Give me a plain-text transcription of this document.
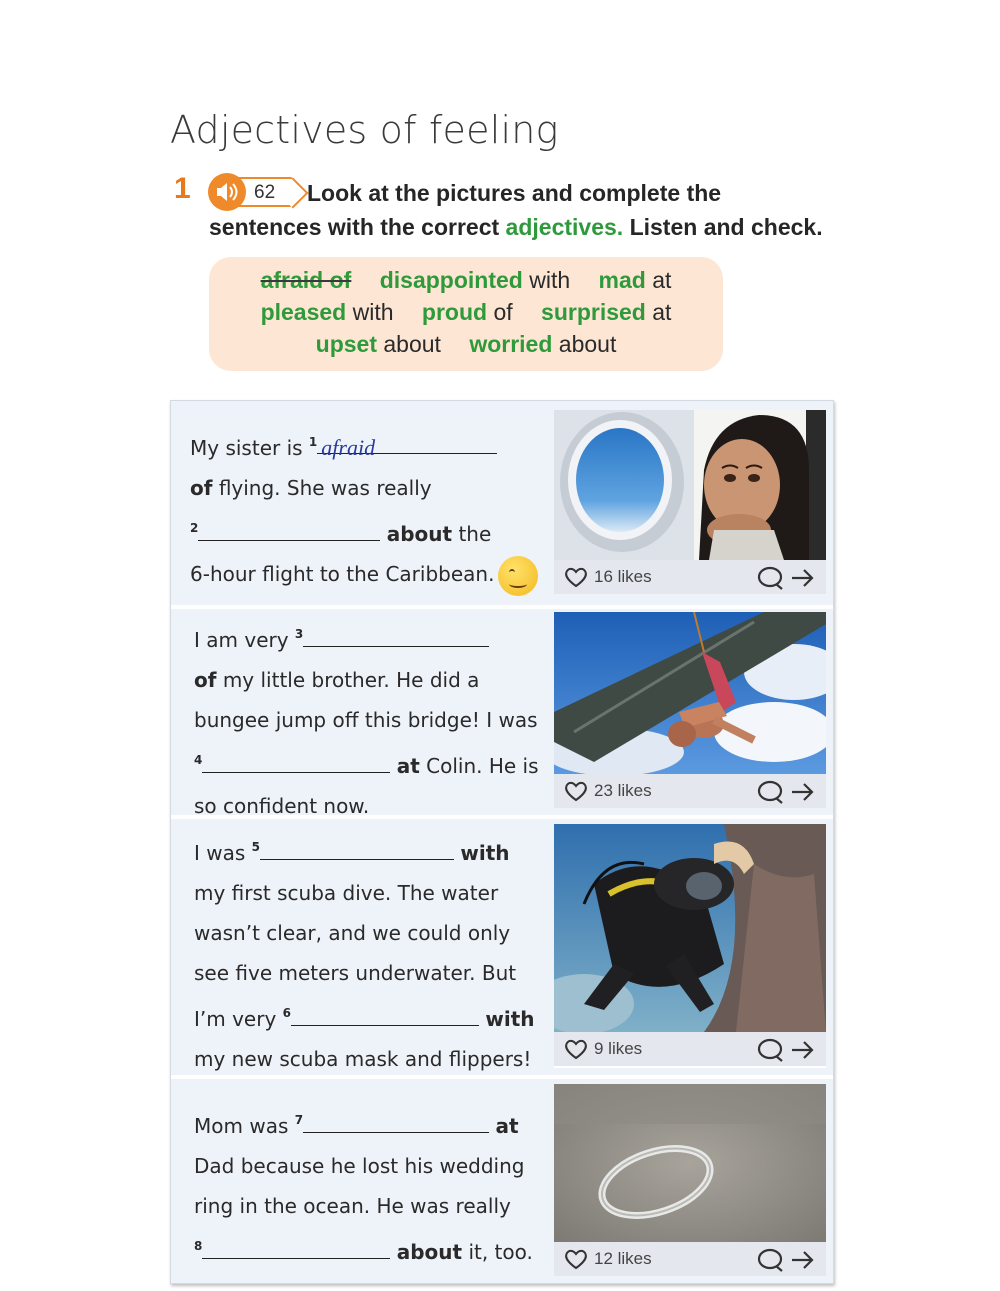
Adjectives of feeling
1	62	Look at the pictures and complete the
sentences with the correct adjectives. Listen and check.
afraid of disappointed with mad at
pleased with proud of surprised at
upset about worried about
My sister is $^1$ afraid
of flying. She was really
$^2$	about the
6-hour flight to the Caribbean.
I am very $^3$
of my little brother. He did a
bungee jump off this bridge! I was
$^4$	at Colin. He is
so confident now.
I was $^5$	with
my first scuba dive. The water
wasn’t clear, and we could only
see five meters underwater. But
I’m very $^6$	with
my new scuba mask and flippers!
Mom was $^7$	at
Dad because he lost his wedding
ring in the ocean. He was really
$^8$	about it, too.
16 likes
23 likes
9 likes
12 likes
